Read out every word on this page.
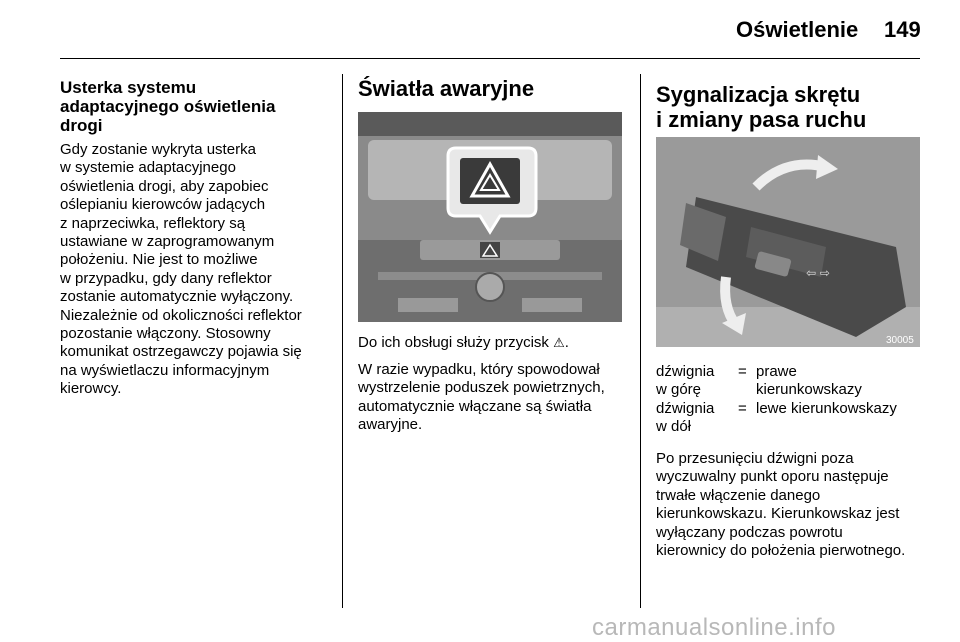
Oświetlenie 149
Usterka systemu
adaptacyjnego oświetlenia
drogi
Gdy zostanie wykryta usterka
w systemie adaptacyjnego
oświetlenia drogi, aby zapobiec
oślepianiu kierowców jadących
z naprzeciwka, reflektory są
ustawiane w zaprogramowanym
położeniu. Nie jest to możliwe
w przypadku, gdy dany reflektor
zostanie automatycznie wyłączony.
Niezależnie od okoliczności reflektor
pozostanie włączony. Stosowny
komunikat ostrzegawczy pojawia się
na wyświetlaczu informacyjnym
kierowcy.
Światła awaryjne
Do ich obsługi służy przycisk ⚠.
W razie wypadku, który spowodował
wystrzelenie poduszek powietrznych,
automatycznie włączane są światła
awaryjne.
Sygnalizacja skrętu
i zmiany pasa ruchu
⇦ ⇨
30005
dźwignia
w górę
= prawe
kierunkowskazy
dźwignia
w dół
= lewe kierunkowskazy
Po przesunięciu dźwigni poza
wyczuwalny punkt oporu następuje
trwałe włączenie danego
kierunkowskazu. Kierunkowskaz jest
wyłączany podczas powrotu
kierownicy do położenia pierwotnego.
carmanualsonline.info
